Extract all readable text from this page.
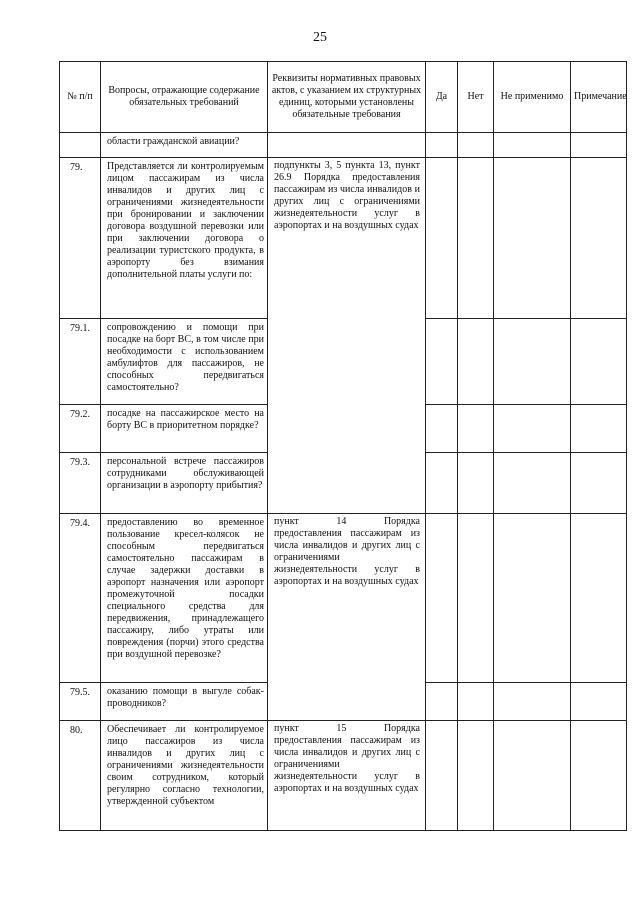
25
№ п/п	Вопросы, отражающие содержание обязательных требований	Реквизиты нормативных правовых актов, с указанием их структурных единиц, которыми установлены обязательные требования	Да	Нет	Не применимо	Примечание
	области гражданской авиации?					
79.	Представляется ли контролируемым лицом пассажирам из числа инвалидов и других лиц с ограничениями жизнедеятельности при бронировании и заключении договора воздушной перевозки или при заключении договора о реализации туристского продукта, в аэропорту без взимания дополнительной платы услуги по:	подпункты 3, 5 пункта 13, пункт 26.9 Порядка предоставления пассажирам из числа инвалидов и других лиц с ограничениями жизнедеятельности услуг в аэропортах и на воздушных судах				
79.1.	сопровождению и помощи при посадке на борт ВС, в том числе при необходимости с использованием амбулифтов для пассажиров, не способных передвигаться самостоятельно?					
79.2.	посадке на пассажирское место на борту ВС в приоритетном порядке?					
79.3.	персональной встрече пассажиров сотрудниками обслуживающей организации в аэропорту прибытия?					
79.4.	предоставлению во временное пользование кресел-колясок не способным передвигаться самостоятельно пассажирам в случае задержки доставки в аэропорт назначения или аэропорт промежуточной посадки специального средства для передвижения, принадлежащего пассажиру, либо утраты или повреждения (порчи) этого средства при воздушной перевозке?	пункт 14 Порядка предоставления пассажирам из числа инвалидов и других лиц с ограничениями жизнедеятельности услуг в аэропортах и на воздушных судах				
79.5.	оказанию помощи в выгуле собак-проводников?					
80.	Обеспечивает ли контролируемое лицо пассажиров из числа инвалидов и других лиц с ограничениями жизнедеятельности своим сотрудником, который регулярно согласно технологии, утвержденной субъектом	пункт 15 Порядка предоставления пассажирам из числа инвалидов и других лиц с ограничениями жизнедеятельности услуг в аэропортах и на воздушных судах				
